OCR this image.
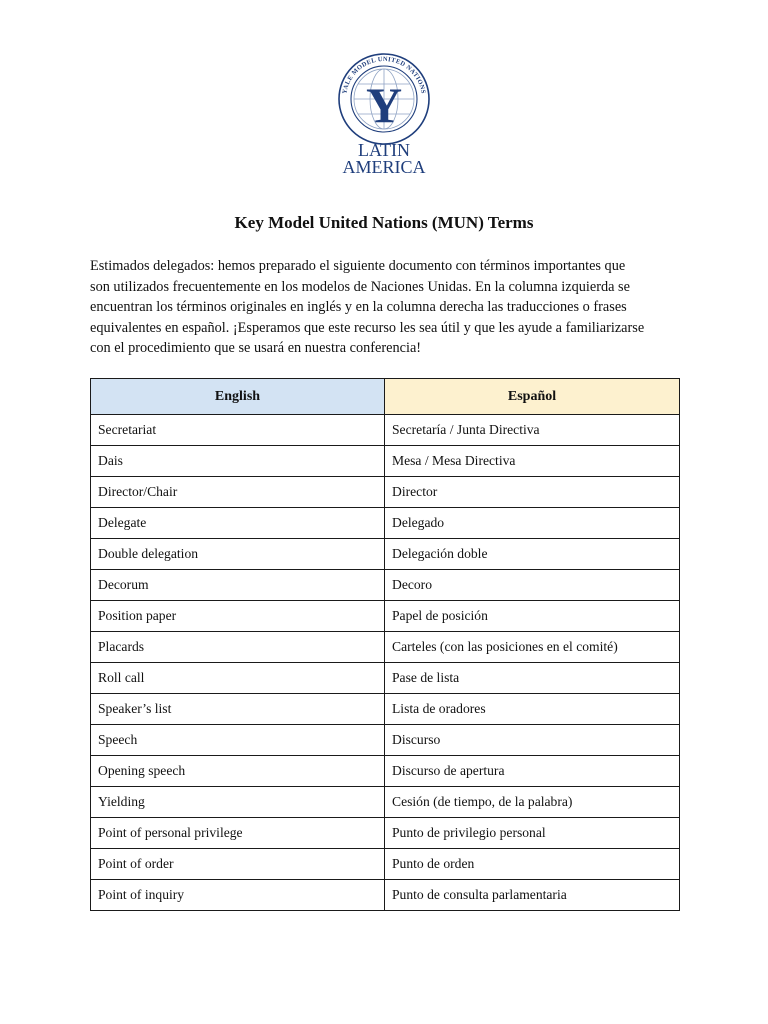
YALE MODEL UNITED NATIONS
Y
LATIN
AMERICA
Key Model United Nations (MUN) Terms

Estimados delegados: hemos preparado el siguiente documento con términos importantes que
son utilizados frecuentemente en los modelos de Naciones Unidas. En la columna izquierda se
encuentran los términos originales en inglés y en la columna derecha las traducciones o frases
equivalentes en español. ¡Esperamos que este recurso les sea útil y que les ayude a familiarizarse
con el procedimiento que se usará en nuestra conferencia!

English	Español
Secretariat	Secretaría / Junta Directiva
Dais	Mesa / Mesa Directiva
Director/Chair	Director
Delegate	Delegado
Double delegation	Delegación doble
Decorum	Decoro
Position paper	Papel de posición
Placards	Carteles (con las posiciones en el comité)
Roll call	Pase de lista
Speaker’s list	Lista de oradores
Speech	Discurso
Opening speech	Discurso de apertura
Yielding	Cesión (de tiempo, de la palabra)
Point of personal privilege	Punto de privilegio personal
Point of order	Punto de orden
Point of inquiry	Punto de consulta parlamentaria
